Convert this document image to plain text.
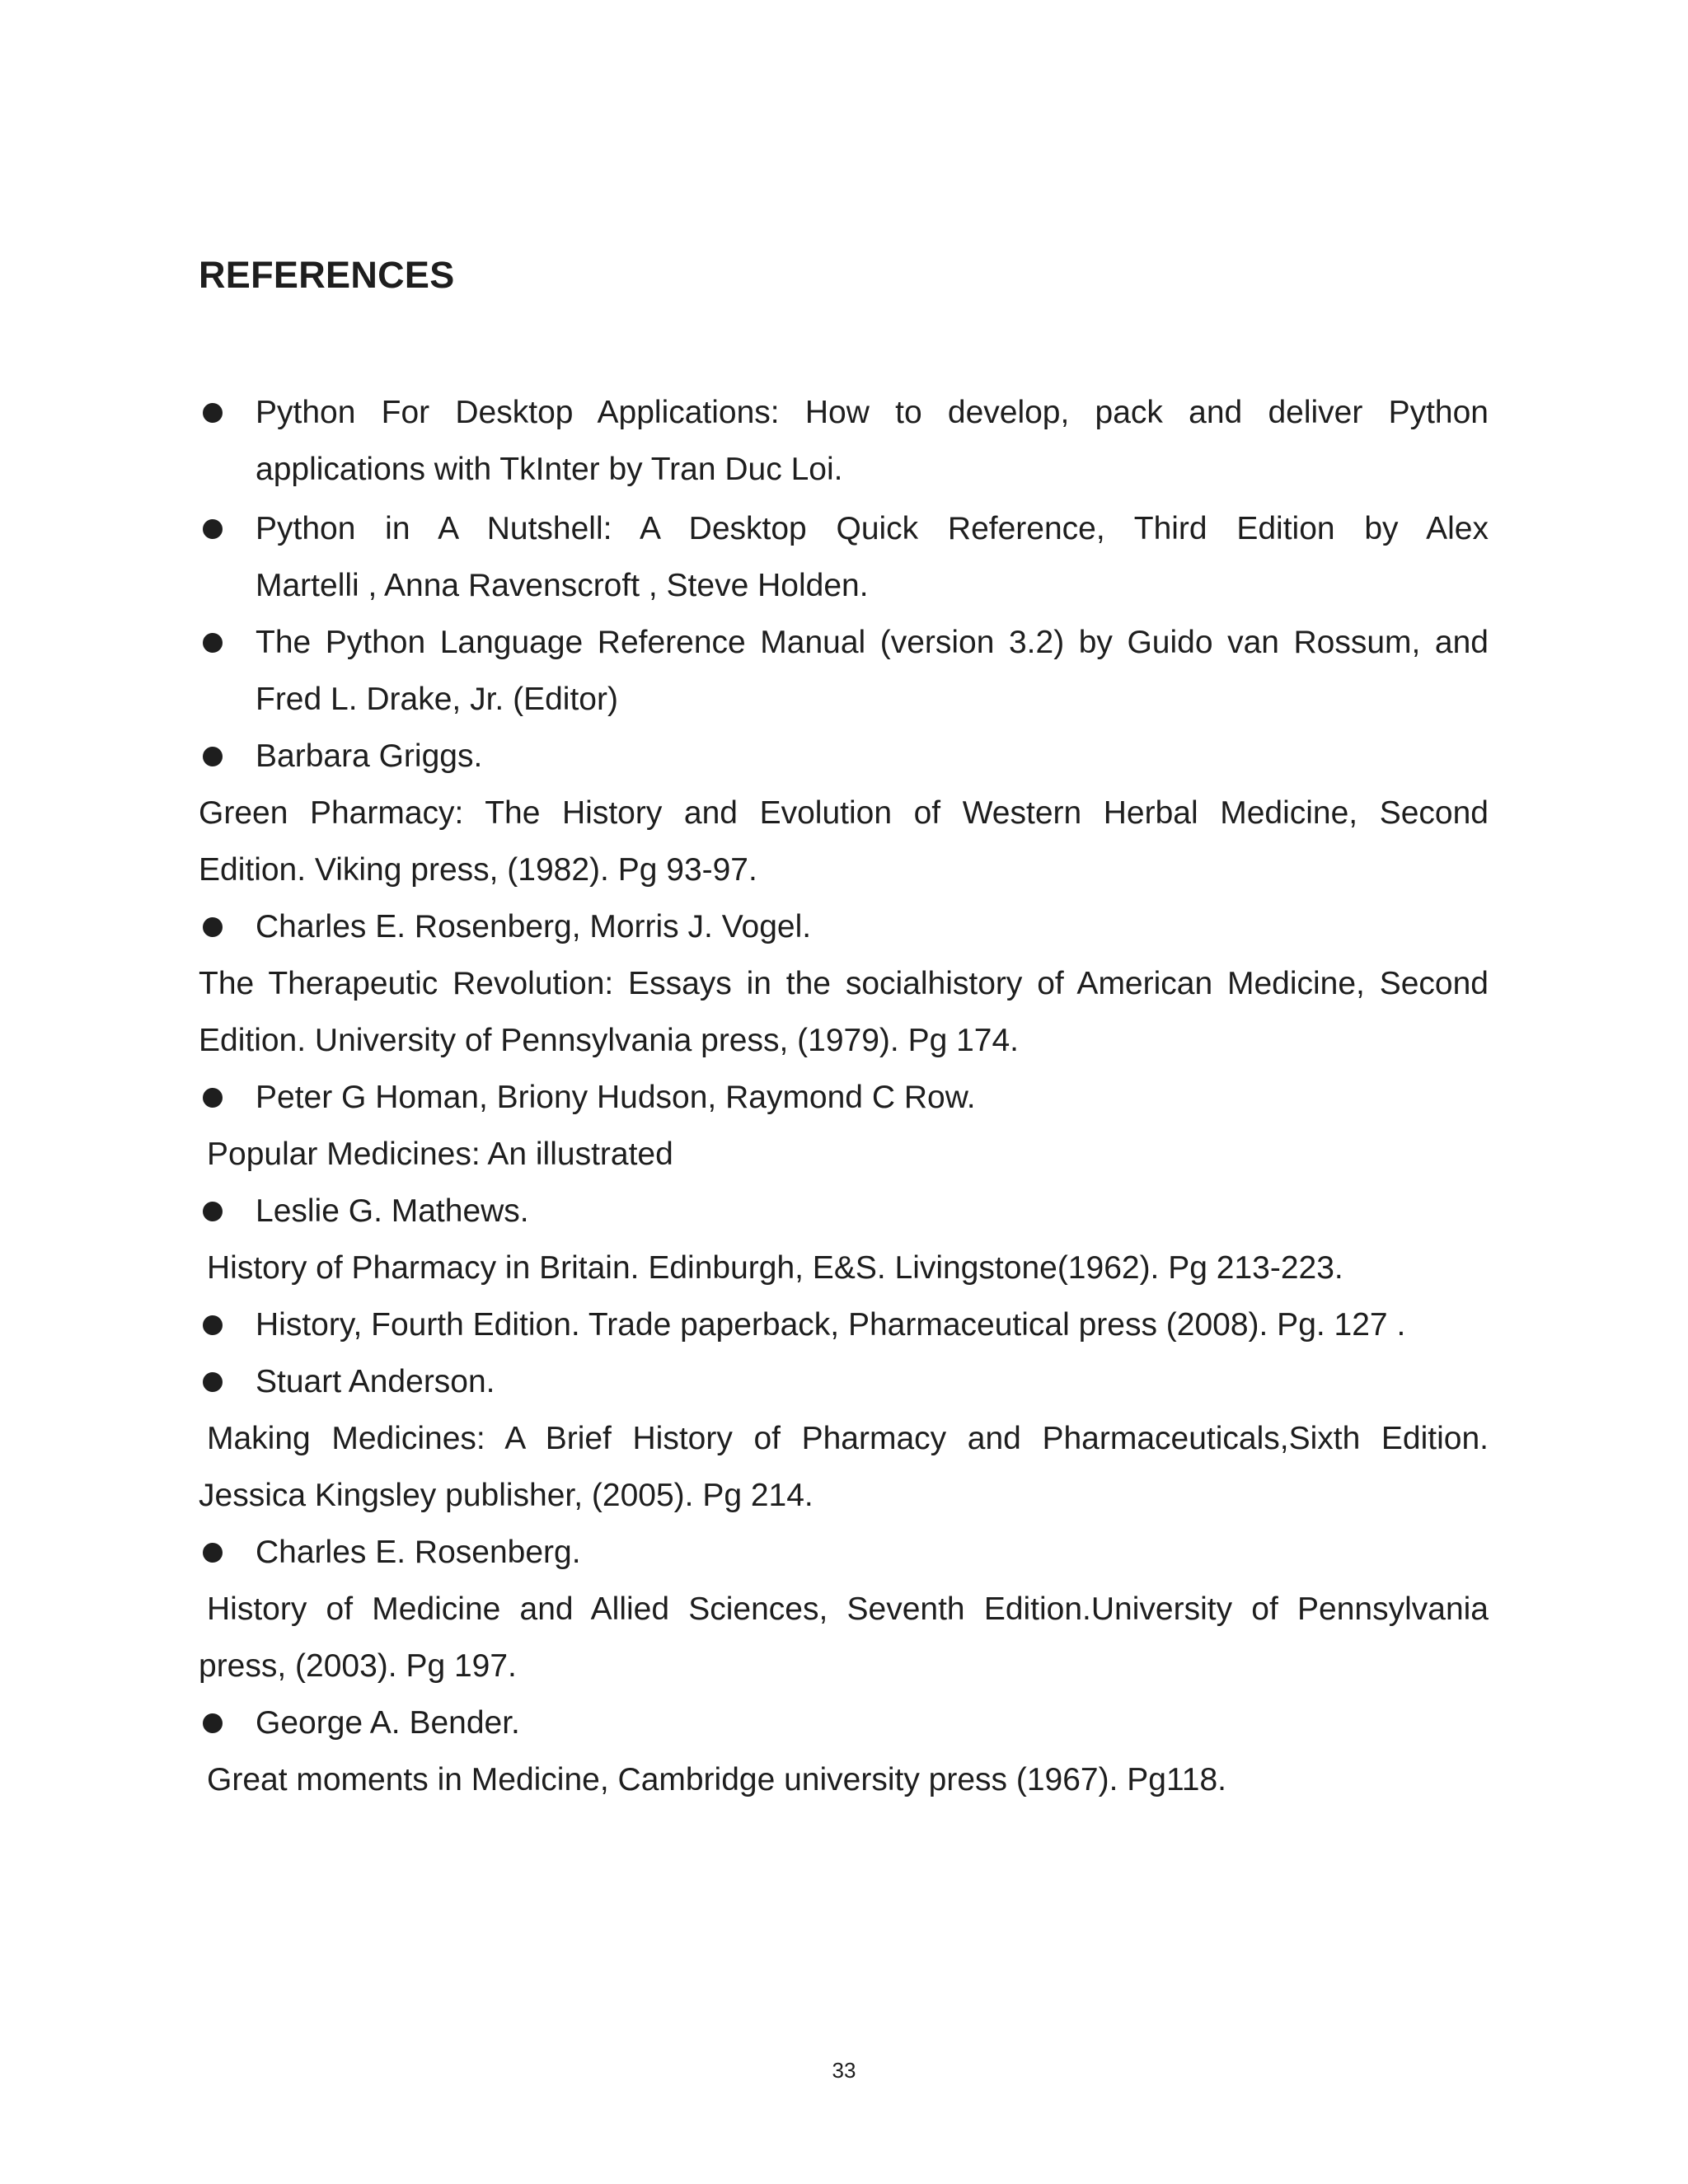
REFERENCES
Python For Desktop Applications: How to develop, pack and deliver Python
applications with TkInter by Tran Duc Loi.
Python in A Nutshell: A Desktop Quick Reference, Third Edition by Alex
Martelli , Anna Ravenscroft , Steve Holden.
The Python Language Reference Manual (version 3.2) by Guido van Rossum, and
Fred L. Drake, Jr. (Editor)
Barbara Griggs.
Green Pharmacy: The History and Evolution of Western Herbal Medicine, Second
Edition. Viking press, (1982). Pg 93-97.
Charles E. Rosenberg, Morris J. Vogel.
The Therapeutic Revolution: Essays in the socialhistory of American Medicine, Second
Edition. University of Pennsylvania press, (1979). Pg 174.
Peter G Homan, Briony Hudson, Raymond C Row.
Popular Medicines: An illustrated
Leslie G. Mathews.
History of Pharmacy in Britain. Edinburgh, E&S. Livingstone(1962). Pg 213-223.
History, Fourth Edition. Trade paperback, Pharmaceutical press (2008). Pg. 127 .
Stuart Anderson.
Making Medicines: A Brief History of Pharmacy and Pharmaceuticals,Sixth Edition.
Jessica Kingsley publisher, (2005). Pg 214.
Charles E. Rosenberg.
History of Medicine and Allied Sciences, Seventh Edition.University of Pennsylvania
press, (2003). Pg 197.
George A. Bender.
Great moments in Medicine, Cambridge university press (1967). Pg118.
33
